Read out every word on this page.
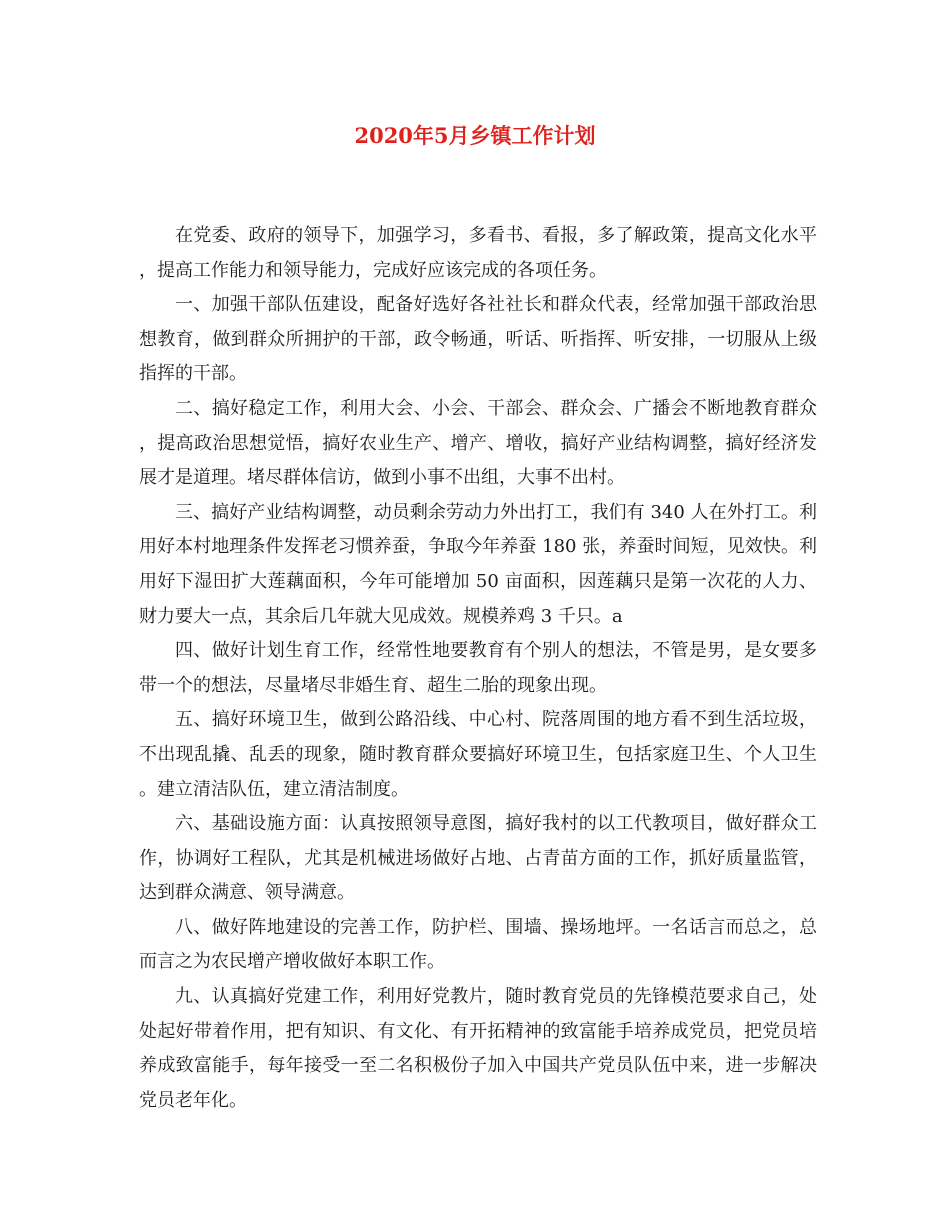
2020年5月乡镇工作计划

在党委、政府的领导下，加强学习，多看书、看报，多了解政策，提高文化水平，提高工作能力和领导能力，完成好应该完成的各项任务。

一、加强干部队伍建设，配备好选好各社社长和群众代表，经常加强干部政治思想教育，做到群众所拥护的干部，政令畅通，听话、听指挥、听安排，一切服从上级指挥的干部。

二、搞好稳定工作，利用大会、小会、干部会、群众会、广播会不断地教育群众，提高政治思想觉悟，搞好农业生产、增产、增收，搞好产业结构调整，搞好经济发展才是道理。堵尽群体信访，做到小事不出组，大事不出村。

三、搞好产业结构调整，动员剩余劳动力外出打工，我们有 340 人在外打工。利用好本村地理条件发挥老习惯养蚕，争取今年养蚕 180 张，养蚕时间短，见效快。利用好下湿田扩大莲藕面积，今年可能增加 50 亩面积，因莲藕只是第一次花的人力、财力要大一点，其余后几年就大见成效。规模养鸡 3 千只。a

四、做好计划生育工作，经常性地要教育有个别人的想法，不管是男，是女要多带一个的想法，尽量堵尽非婚生育、超生二胎的现象出现。

五、搞好环境卫生，做到公路沿线、中心村、院落周围的地方看不到生活垃圾，不出现乱撬、乱丢的现象，随时教育群众要搞好环境卫生，包括家庭卫生、个人卫生。建立清洁队伍，建立清洁制度。

六、基础设施方面：认真按照领导意图，搞好我村的以工代教项目，做好群众工作，协调好工程队，尤其是机械进场做好占地、占青苗方面的工作，抓好质量监管，达到群众满意、领导满意。

八、做好阵地建设的完善工作，防护栏、围墙、操场地坪。一名话言而总之，总而言之为农民增产增收做好本职工作。

九、认真搞好党建工作，利用好党教片，随时教育党员的先锋模范要求自己，处处起好带着作用，把有知识、有文化、有开拓精神的致富能手培养成党员，把党员培养成致富能手，每年接受一至二名积极份子加入中国共产党员队伍中来，进一步解决党员老年化。
